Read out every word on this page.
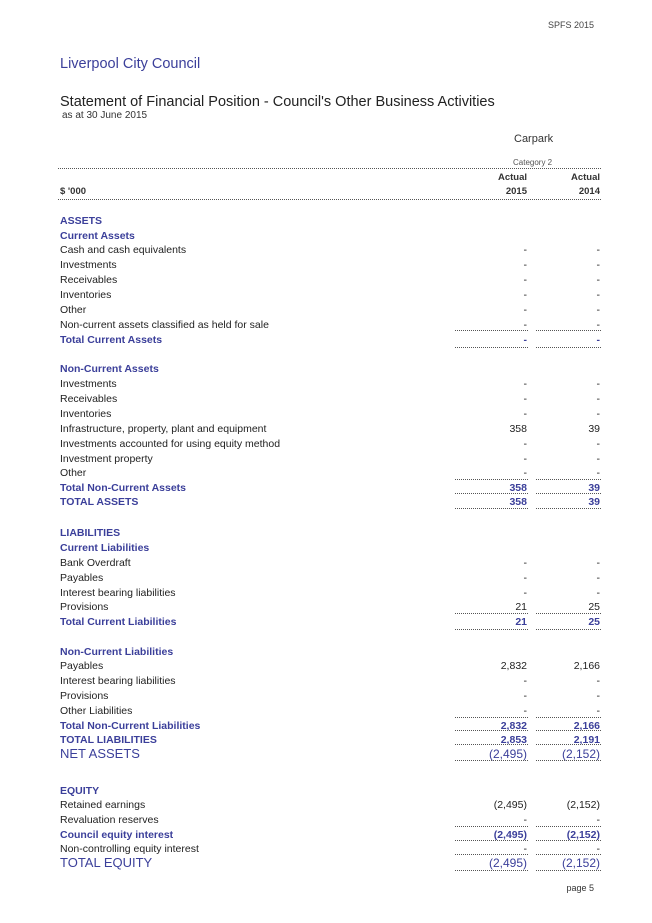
SPFS 2015
Liverpool City Council
Statement of Financial Position - Council's Other Business Activities
as at 30 June 2015
Carpark
Category 2
Actual	Actual
$ '000	2015	2014
ASSETS
Current Assets
Cash and cash equivalents	-	-
Investments	-	-
Receivables	-	-
Inventories	-	-
Other	-	-
Non-current assets classified as held for sale	-	-
Total Current Assets	-	-
Non-Current Assets
Investments	-	-
Receivables	-	-
Inventories	-	-
Infrastructure, property, plant and equipment	358	39
Investments accounted for using equity method	-	-
Investment property	-	-
Other	-	-
Total Non-Current Assets	358	39
TOTAL ASSETS	358	39
LIABILITIES
Current Liabilities
Bank Overdraft	-	-
Payables	-	-
Interest bearing liabilities	-	-
Provisions	21	25
Total Current Liabilities	21	25
Non-Current Liabilities
Payables	2,832	2,166
Interest bearing liabilities	-	-
Provisions	-	-
Other Liabilities	-	-
Total Non-Current Liabilities	2,832	2,166
TOTAL LIABILITIES	2,853	2,191
NET ASSETS	(2,495)	(2,152)
EQUITY
Retained earnings	(2,495)	(2,152)
Revaluation reserves	-	-
Council equity interest	(2,495)	(2,152)
Non-controlling equity interest	-	-
TOTAL EQUITY	(2,495)	(2,152)
page 5
